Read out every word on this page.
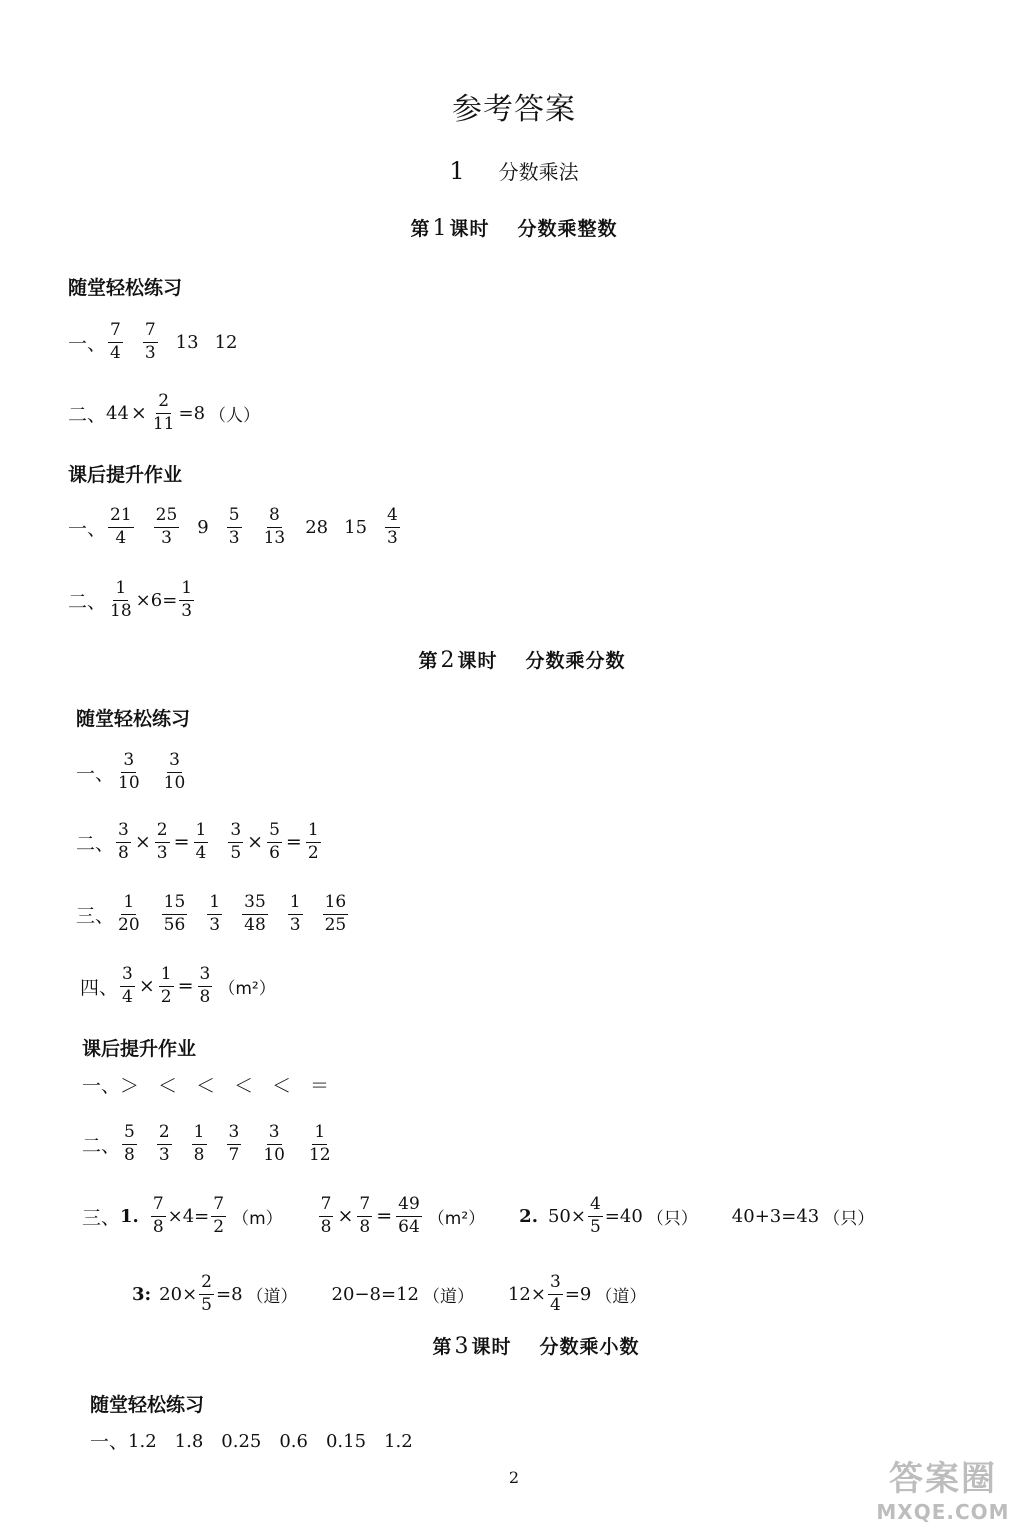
参考答案
1 分数乘法
第1 课时 分数乘整数
随堂轻松练习
一、 $\frac{7}{4} \frac{7}{3} 13$ 12
二、 $44 \times \frac{2}{11} =8$ （人）
课后提升作业
一、 $\frac{21}{4} \frac{25}{3} 9 \frac{5}{3} \frac{8}{13} 28$ $15 \frac{4}{3}$
二、 $\frac{1}{18} \times 6= \frac{1}{3}$
第2 课时 分数乘分数
随堂轻松练习
一、 $\frac{3}{10} \frac{3}{10}$
二、 $\frac{3}{8} \times \frac{2}{3} = \frac{1}{4} \frac{3}{5} \times \frac{5}{6} = \frac{1}{2}$
三、 $\frac{1}{20} \frac{15}{56} \frac{1}{3} \frac{35}{48} \frac{1}{3} \frac{16}{25}$
四、 $\frac{3}{4} \times \frac{1}{2} = \frac{3}{8} (m^2)$
课后提升作业
一、 ＞　＜　＜　＜　＜　＝
二、 $\frac{5}{8} \frac{2}{3} \frac{1}{8} \frac{3}{7} \frac{3}{10} \frac{1}{12}$
三、 1. $\frac{7}{8} \times 4= \frac{7}{2} (m) \frac{7}{8} \times \frac{7}{8} = \frac{49}{64} (m^2)$ 2. $50\times \frac{4}{5} =40$ （只） 40+3=43 （只）
3: $20\times \frac{2}{5} =8$ （道） 20−8=12 （道） $12\times \frac{3}{4} =9$ （道）
第3 课时 分数乘小数
随堂轻松练习
一、 1.2　1.8　0.25　0.6　0.15　1.2
2	答案圈
MXQE.COM
